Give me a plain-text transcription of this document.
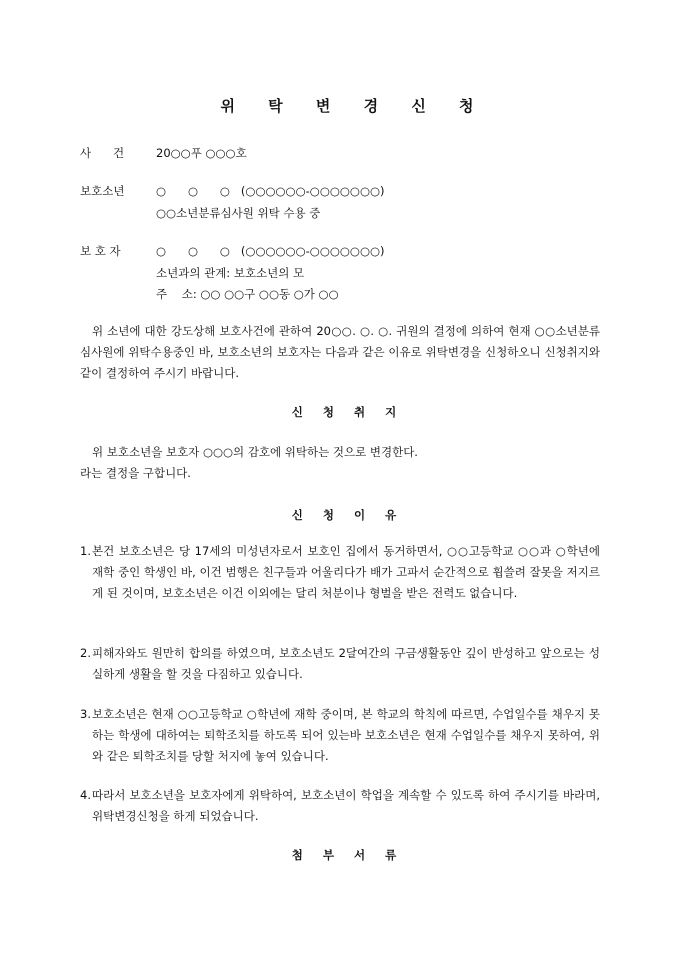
위 탁 변 경 신 청
사      건	20○○푸 ○○○호
보호소년	○      ○      ○   (○○○○○○-○○○○○○○)
○○소년분류심사원 위탁 수용 중
보 호 자	○      ○      ○   (○○○○○○-○○○○○○○)
소년과의 관계: 보호소년의 모
주    소: ○○ ○○구 ○○동 ○가 ○○
위 소년에 대한 강도상해 보호사건에 관하여 20○○. ○. ○. 귀원의 결정에 의하여 현재 ○○소년분류심사원에 위탁수용중인 바, 보호소년의 보호자는 다음과 같은 이유로 위탁변경을 신청하오니 신청취지와 같이 결정하여 주시기 바랍니다.
신 청 취 지
위 보호소년을 보호자 ○○○의 감호에 위탁하는 것으로 변경한다.
라는 결정을 구합니다.
신 청 이 유
1. 본건 보호소년은 당 17세의 미성년자로서 보호인 집에서 동거하면서, ○○고등학교 ○○과 ○학년에 재학 중인 학생인 바, 이건 범행은 친구들과 어울리다가 배가 고파서 순간적으로 휩쓸려 잘못을 저지르게 된 것이며, 보호소년은 이건 이외에는 달리 처분이나 형벌을 받은 전력도 없습니다.
2. 피해자와도 원만히 합의를 하였으며, 보호소년도 2달여간의 구금생활동안 깊이 반성하고 앞으로는 성실하게 생활을 할 것을 다짐하고 있습니다.
3. 보호소년은 현재 ○○고등학교 ○학년에 재학 중이며, 본 학교의 학칙에 따르면, 수업일수를 채우지 못하는 학생에 대하여는 퇴학조치를 하도록 되어 있는바 보호소년은 현재 수업일수를 채우지 못하여, 위와 같은 퇴학조치를 당할 처지에 놓여 있습니다.
4. 따라서 보호소년을 보호자에게 위탁하여, 보호소년이 학업을 계속할 수 있도록 하여 주시기를 바라며, 위탁변경신청을 하게 되었습니다.
첨 부 서 류
